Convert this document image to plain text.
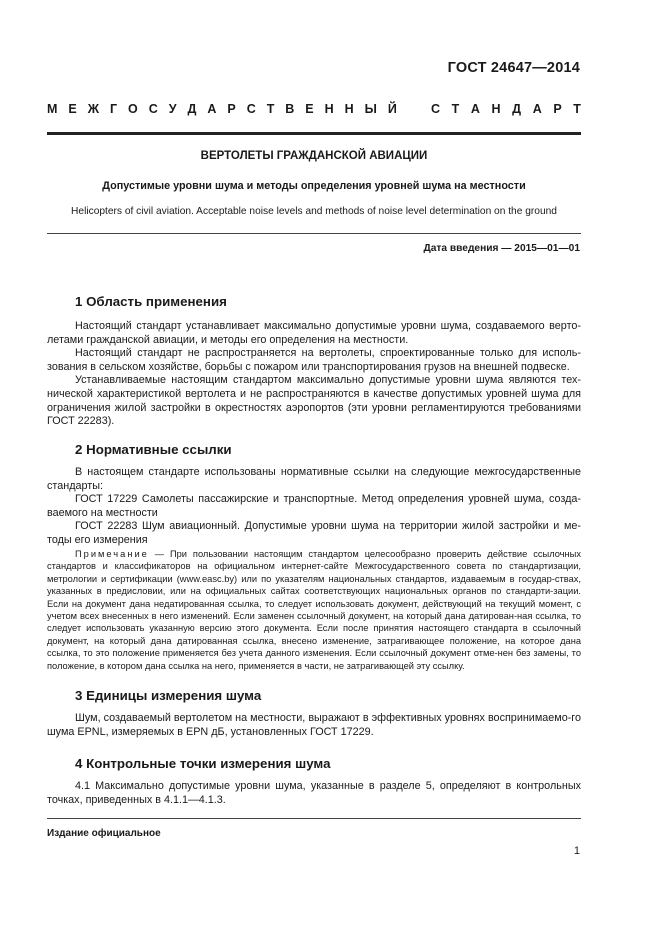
ГОСТ 24647—2014
М Е Ж Г О С У Д А Р С Т В Е Н Н Ы Й	С Т А Н Д А Р Т
ВЕРТОЛЕТЫ ГРАЖДАНСКОЙ АВИАЦИИ
Допустимые уровни шума и методы определения уровней шума на местности
Helicopters of civil aviation. Acceptable noise levels and methods of noise level determination on the ground
Дата введения — 2015—01—01
1 Область применения
Настоящий стандарт устанавливает максимально допустимые уровни шума, создаваемого верто-летами гражданской авиации, и методы его определения на местности.
Настоящий стандарт не распространяется на вертолеты, спроектированные только для исполь-зования в сельском хозяйстве, борьбы с пожаром или транспортирования грузов на внешней подвеске.
Устанавливаемые настоящим стандартом максимально допустимые уровни шума являются тех-нической характеристикой вертолета и не распространяются в качестве допустимых уровней шума для ограничения жилой застройки в окрестностях аэропортов (эти уровни регламентируются требованиями ГОСТ 22283).
2 Нормативные ссылки
В настоящем стандарте использованы нормативные ссылки на следующие межгосударственные стандарты:
ГОСТ 17229 Самолеты пассажирские и транспортные. Метод определения уровней шума, созда-ваемого на местности
ГОСТ 22283 Шум авиационный. Допустимые уровни шума на территории жилой застройки и ме-тоды его измерения
Примечание — При пользовании настоящим стандартом целесообразно проверить действие ссылочных стандартов и классификаторов на официальном интернет-сайте Межгосударственного совета по стандартизации, метрологии и сертификации (www.easc.by) или по указателям национальных стандартов, издаваемым в государ-ствах, указанных в предисловии, или на официальных сайтах соответствующих национальных органов по стандарти-зации. Если на документ дана недатированная ссылка, то следует использовать документ, действующий на текущий момент, с учетом всех внесенных в него изменений. Если заменен ссылочный документ, на который дана датирован-ная ссылка, то следует использовать указанную версию этого документа. Если после принятия настоящего стандарта в ссылочный документ, на который дана датированная ссылка, внесено изменение, затрагивающее положение, на которое дана ссылка, то это положение применяется без учета данного изменения. Если ссылочный документ отме-нен без замены, то положение, в котором дана ссылка на него, применяется в части, не затрагивающей эту ссылку.
3 Единицы измерения шума
Шум, создаваемый вертолетом на местности, выражают в эффективных уровнях воспринимаемо-го шума EPNL, измеряемых в EPN дБ, установленных ГОСТ 17229.
4 Контрольные точки измерения шума
4.1 Максимально допустимые уровни шума, указанные в разделе 5, определяют в контрольных точках, приведенных в 4.1.1—4.1.3.
Издание официальное
1
